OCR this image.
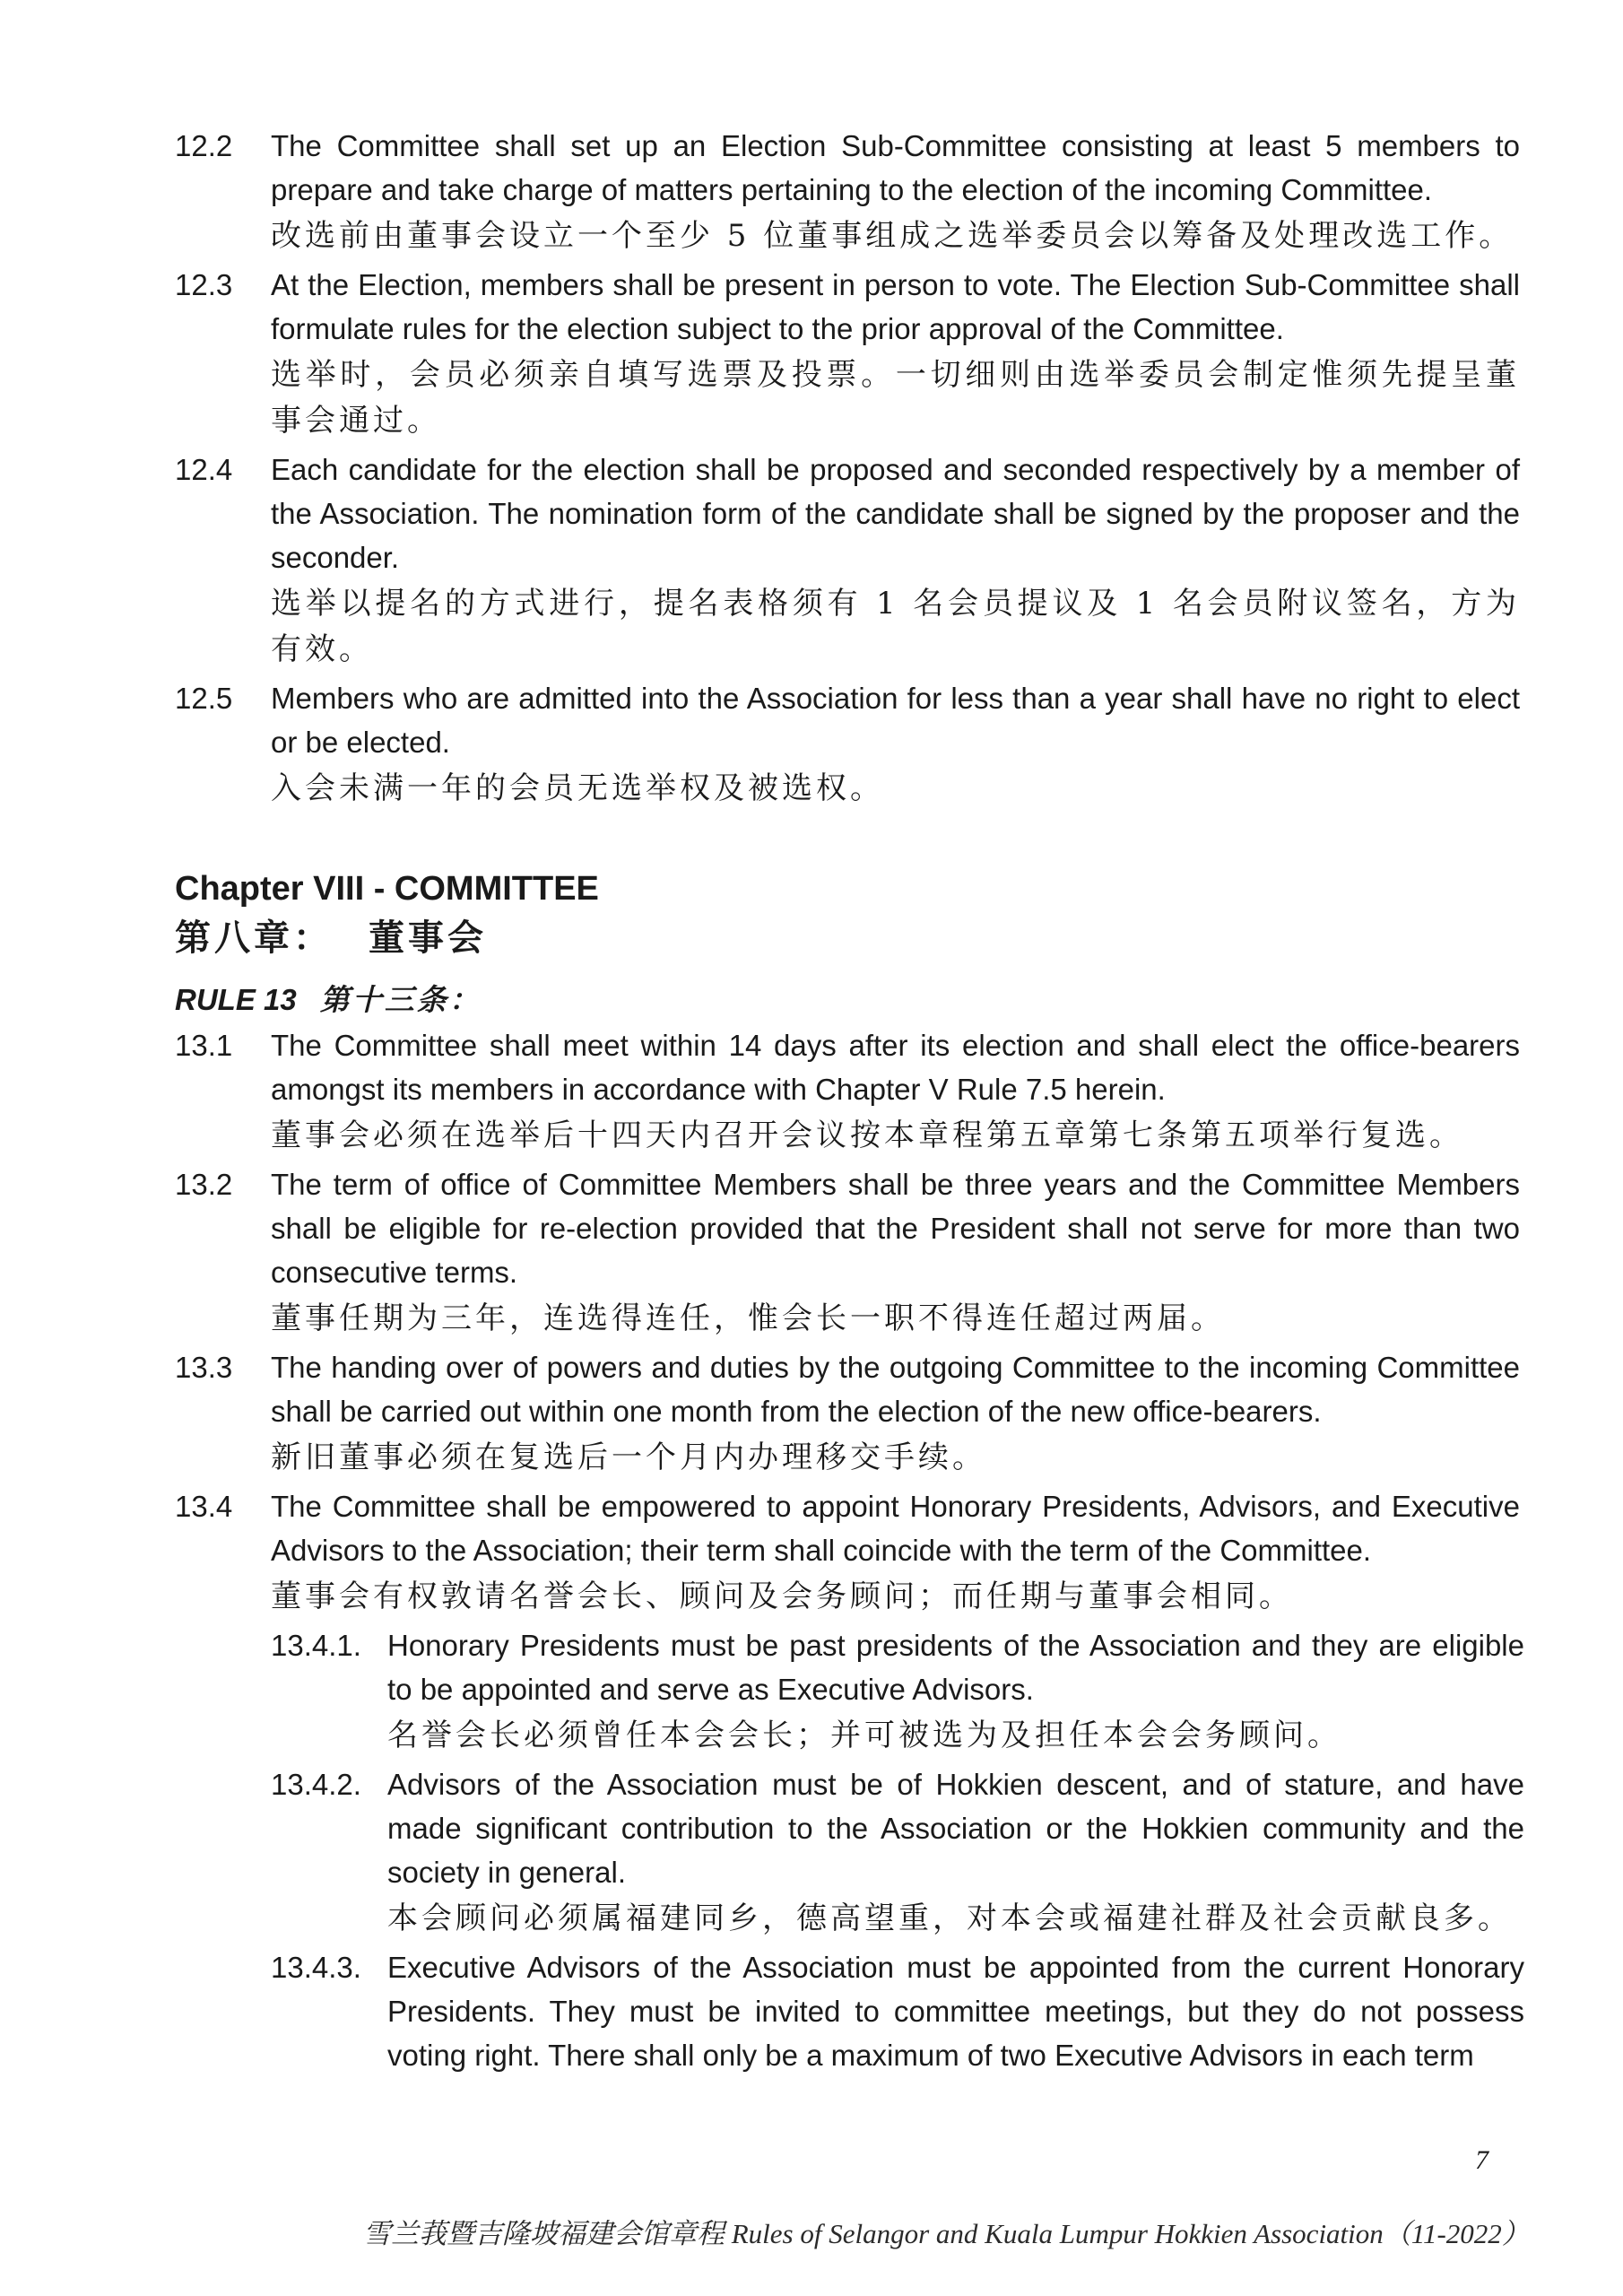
12.2 The Committee shall set up an Election Sub-Committee consisting at least 5 members to prepare and take charge of matters pertaining to the election of the incoming Committee.
改选前由董事会设立一个至少 5 位董事组成之选举委员会以筹备及处理改选工作。
12.3 At the Election, members shall be present in person to vote. The Election Sub-Committee shall formulate rules for the election subject to the prior approval of the Committee.
选举时，会员必须亲自填写选票及投票。一切细则由选举委员会制定惟须先提呈董事会通过。
12.4 Each candidate for the election shall be proposed and seconded respectively by a member of the Association. The nomination form of the candidate shall be signed by the proposer and the seconder.
选举以提名的方式进行，提名表格须有 1 名会员提议及 1 名会员附议签名，方为有效。
12.5 Members who are admitted into the Association for less than a year shall have no right to elect or be elected.
入会未满一年的会员无选举权及被选权。
Chapter VIII - COMMITTEE
第八章： 董事会
RULE 13 第十三条：
13.1 The Committee shall meet within 14 days after its election and shall elect the office-bearers amongst its members in accordance with Chapter V Rule 7.5 herein.
董事会必须在选举后十四天内召开会议按本章程第五章第七条第五项举行复选。
13.2 The term of office of Committee Members shall be three years and the Committee Members shall be eligible for re-election provided that the President shall not serve for more than two consecutive terms.
董事任期为三年，连选得连任，惟会长一职不得连任超过两届。
13.3 The handing over of powers and duties by the outgoing Committee to the incoming Committee shall be carried out within one month from the election of the new office-bearers.
新旧董事必须在复选后一个月内办理移交手续。
13.4 The Committee shall be empowered to appoint Honorary Presidents, Advisors, and Executive Advisors to the Association; their term shall coincide with the term of the Committee.
董事会有权敦请名誉会长、顾问及会务顾问；而任期与董事会相同。
13.4.1. Honorary Presidents must be past presidents of the Association and they are eligible to be appointed and serve as Executive Advisors.
名誉会长必须曾任本会会长；并可被选为及担任本会会务顾问。
13.4.2. Advisors of the Association must be of Hokkien descent, and of stature, and have made significant contribution to the Association or the Hokkien community and the society in general.
本会顾问必须属福建同乡，德高望重，对本会或福建社群及社会贡献良多。
13.4.3. Executive Advisors of the Association must be appointed from the current Honorary Presidents. They must be invited to committee meetings, but they do not possess voting right. There shall only be a maximum of two Executive Advisors in each term
7
雪兰莪暨吉隆坡福建会馆章程 Rules of Selangor and Kuala Lumpur Hokkien Association（11-2022）
